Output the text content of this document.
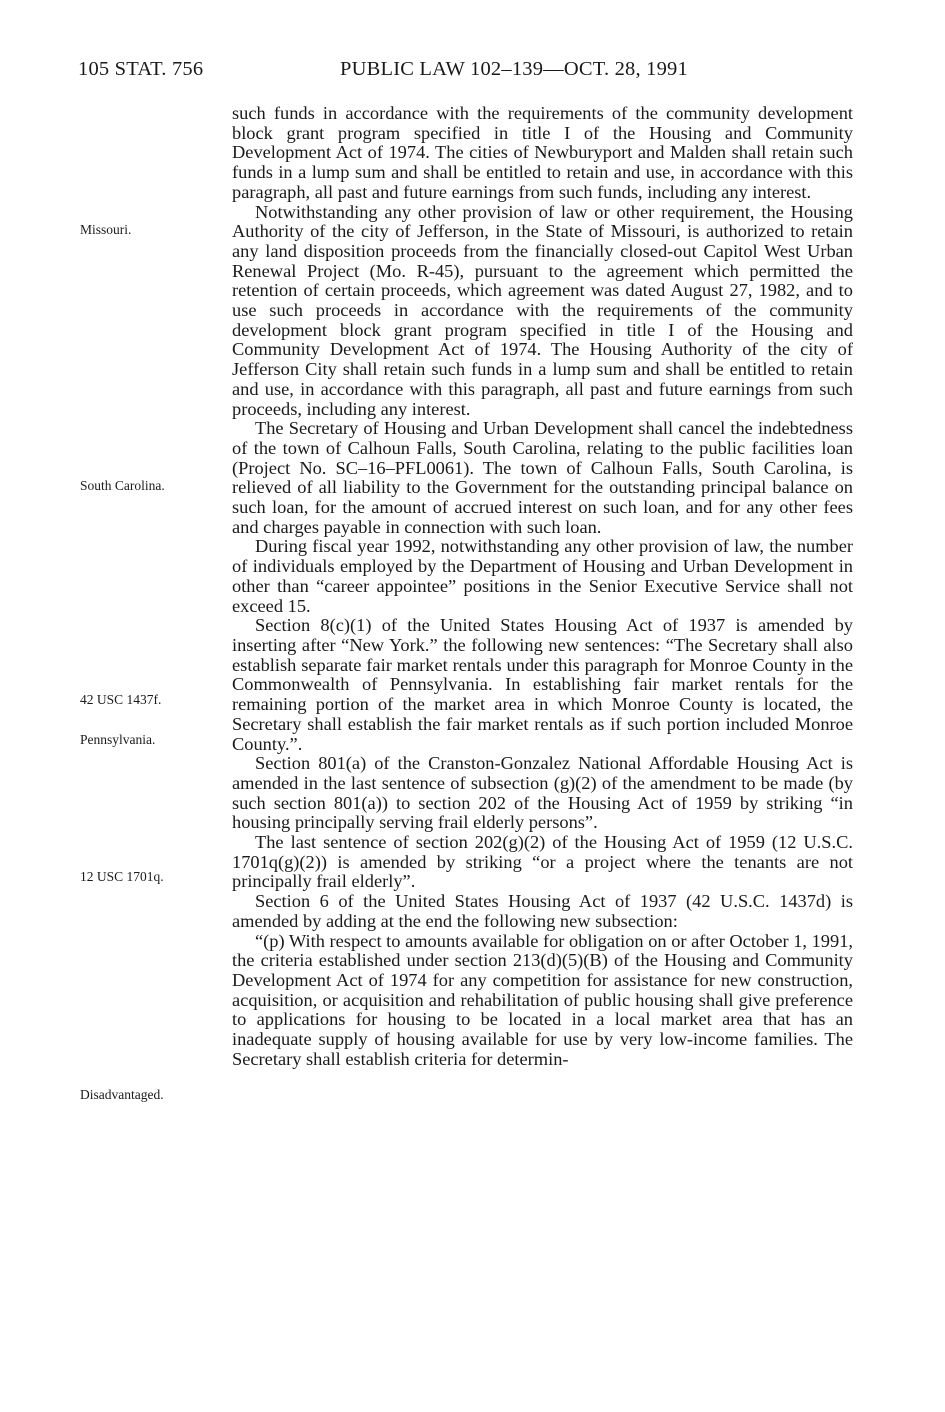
105 STAT. 756	PUBLIC LAW 102–139—OCT. 28, 1991
Missouri.
South Carolina.
42 USC 1437f.
Pennsylvania.
12 USC 1701q.
Disadvantaged.

such funds in accordance with the requirements of the community development block grant program specified in title I of the Housing and Community Development Act of 1974. The cities of Newburyport and Malden shall retain such funds in a lump sum and shall be entitled to retain and use, in accordance with this paragraph, all past and future earnings from such funds, including any interest.

Notwithstanding any other provision of law or other requirement, the Housing Authority of the city of Jefferson, in the State of Missouri, is authorized to retain any land disposition proceeds from the financially closed-out Capitol West Urban Renewal Project (Mo. R-45), pursuant to the agreement which permitted the retention of certain proceeds, which agreement was dated August 27, 1982, and to use such proceeds in accordance with the requirements of the community development block grant program specified in title I of the Housing and Community Development Act of 1974. The Housing Authority of the city of Jefferson City shall retain such funds in a lump sum and shall be entitled to retain and use, in accordance with this paragraph, all past and future earnings from such proceeds, including any interest.

The Secretary of Housing and Urban Development shall cancel the indebtedness of the town of Calhoun Falls, South Carolina, relating to the public facilities loan (Project No. SC–16–PFL0061). The town of Calhoun Falls, South Carolina, is relieved of all liability to the Government for the outstanding principal balance on such loan, for the amount of accrued interest on such loan, and for any other fees and charges payable in connection with such loan.

During fiscal year 1992, notwithstanding any other provision of law, the number of individuals employed by the Department of Housing and Urban Development in other than “career appointee” positions in the Senior Executive Service shall not exceed 15.

Section 8(c)(1) of the United States Housing Act of 1937 is amended by inserting after “New York.” the following new sentences: “The Secretary shall also establish separate fair market rentals under this paragraph for Monroe County in the Commonwealth of Pennsylvania. In establishing fair market rentals for the remaining portion of the market area in which Monroe County is located, the Secretary shall establish the fair market rentals as if such portion included Monroe County.”.

Section 801(a) of the Cranston-Gonzalez National Affordable Housing Act is amended in the last sentence of subsection (g)(2) of the amendment to be made (by such section 801(a)) to section 202 of the Housing Act of 1959 by striking “in housing principally serving frail elderly persons”.

The last sentence of section 202(g)(2) of the Housing Act of 1959 (12 U.S.C. 1701q(g)(2)) is amended by striking “or a project where the tenants are not principally frail elderly”.

Section 6 of the United States Housing Act of 1937 (42 U.S.C. 1437d) is amended by adding at the end the following new subsection:

“(p) With respect to amounts available for obligation on or after October 1, 1991, the criteria established under section 213(d)(5)(B) of the Housing and Community Development Act of 1974 for any competition for assistance for new construction, acquisition, or acquisition and rehabilitation of public housing shall give preference to applications for housing to be located in a local market area that has an inadequate supply of housing available for use by very low-income families. The Secretary shall establish criteria for determin-
